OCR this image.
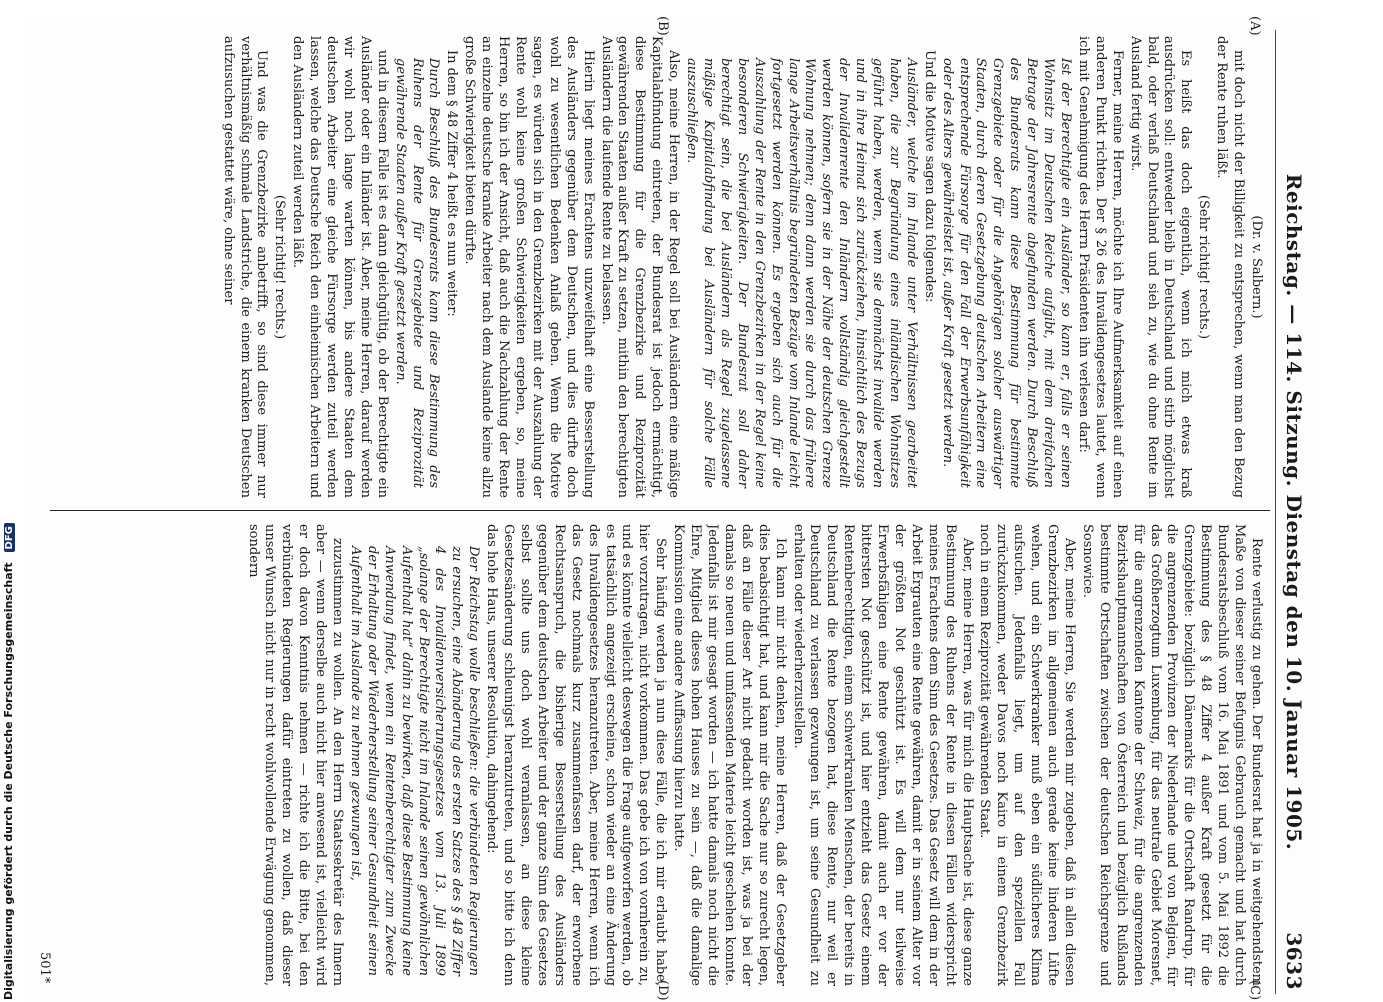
Reichstag. — 114. Sitzung. Dienstag den 10. Januar 1905.
3633

(Dr. v. Salbern.)

mit doch nicht der Billigkeit zu entsprechen, wenn man den Bezug der Rente ruhen läßt.

(Sehr richtig! rechts.)

Es heißt das doch eigentlich, wenn ich mich etwas kraß ausdrücken soll: entweder bleib in Deutschland und stirb möglichst bald, oder verlaß Deutschland und sieh zu, wie du ohne Rente im Ausland fertig wirst.

Ferner, meine Herren, möchte ich Ihre Aufmerksamkeit auf einen anderen Punkt richten. Der § 26 des Invalidengesetzes lautet, wenn ich mit Genehmigung des Herrn Präsidenten ihn verlesen darf:

Ist der Berechtigte ein Ausländer, so kann er, falls er seinen Wohnsitz im Deutschen Reiche aufgibt, mit dem dreifachen Betrage der Jahresrente abgefunden werden. Durch Beschluß des Bundesrats kann diese Bestimmung für bestimmte Grenzgebiete oder für die Angehörigen solcher auswärtiger Staaten, durch deren Gesetzgebung deutschen Arbeitern eine entsprechende Fürsorge für den Fall der Erwerbsunfähigkeit oder des Alters gewährleistet ist, außer Kraft gesetzt werden.

Und die Motive sagen dazu folgendes:

Ausländer, welche im Inlande unter Verhältnissen gearbeitet haben, die zur Begründung eines inländischen Wohnsitzes geführt haben, werden, wenn sie demnächst invalide werden und in ihre Heimat sich zurückziehen, hinsichtlich des Bezugs der Invalidenrente den Inländern vollständig gleichgestellt werden können, sofern sie in der Nähe der deutschen Grenze Wohnung nehmen; denn dann werden sie durch das frühere lange Arbeitsverhältnis begründeten Bezüge vom Inlande leicht fortgesetzt werden können. Es ergeben sich auch für die Auszahlung der Rente in den Grenzbezirken in der Regel keine besonderen Schwierigkeiten. Der Bundesrat soll daher berechtigt sein, die bei Ausländern als Regel zugelassene mäßige Kapitalabfindung bei Ausländern für solche Fälle auszuschließen.

Also, meine Herren, in der Regel soll bei Ausländern eine mäßige Kapitalabfindung eintreten, der Bundesrat ist jedoch ermächtigt, diese Bestimmung für die Grenzbezirke und Reziprozität gewährenden Staaten außer Kraft zu setzen, mithin den berechtigten Ausländern die laufende Rente zu belassen.

Hierin liegt meines Erachtens unzweifelhaft eine Besserstellung des Ausländers gegenüber dem Deutschen, und dies dürfte doch wohl zu wesentlichen Bedenken Anlaß geben. Wenn die Motive sagen, es würden sich in den Grenzbezirken mit der Auszahlung der Rente wohl keine großen Schwierigkeiten ergeben, so, meine Herren, so bin ich der Ansicht, daß auch die Nachzahlung der Rente an einzelne deutsche kranke Arbeiter nach dem Auslande keine allzu große Schwierigkeit bieten dürfte.

In dem § 48 Ziffer 4 heißt es nun weiter:

Durch Beschluß des Bundesrats kann diese Bestimmung des Ruhens der Rente für Grenzgebiete und Reziprozität gewährende Staaten außer Kraft gesetzt werden.

und in diesem Falle ist es dann gleichgültig, ob der Berechtigte ein Ausländer oder ein Inländer ist. Aber, meine Herren, darauf werden wir wohl noch lange warten können, bis andere Staaten dem deutschen Arbeiter eine gleiche Fürsorge werden zuteil werden lassen, welche das Deutsche Reich den einheimischen Arbeitern und den Ausländern zuteil werden läßt.

(Sehr richtig! rechts.)

Und was die Grenzbezirke anbetrifft, so sind diese immer nur verhältnismäßig schmale Landstriche, die einem kranken Deutschen aufzusuchen gestattet wäre, ohne seiner

Rente verlustig zu gehen. Der Bundesrat hat ja in weitgehendstem Maße von dieser seiner Befugnis Gebrauch gemacht und hat durch Bundesratsbeschluß vom 16. Mai 1891 und vom 5. Mai 1892 die Bestimmung des § 48 Ziffer 4 außer Kraft gesetzt für die Grenzgebiete: bezüglich Dänemarks für die Ortschaft Randrup, für die angrenzenden Provinzen der Niederlande und von Belgien, für das Großherzogtum Luxemburg, für das neutrale Gebiet Moresnet, für die angrenzenden Kantone der Schweiz, für die angrenzenden Bezirkshauptmannschaften von Österreich und bezüglich Rußlands bestimmte Ortschaften zwischen der deutschen Reichsgrenze und Sosnowice.

Aber, meine Herren, Sie werden mir zugeben, daß in allen diesen Grenzbezirken im allgemeinen auch gerade keine linderen Lüfte wehen, und ein Schwerkranker muß eben ein südlicheres Klima aufsuchen. Jedenfalls liegt, um auf den speziellen Fall zurückzukommen, weder Davos noch Kairo in einem Grenzbezirk noch in einem Reziprozität gewährenden Staat.

Aber, meine Herren, was für mich die Hauptsache ist, diese ganze Bestimmung des Ruhens der Rente in diesen Fällen widerspricht meines Erachtens dem Sinn des Gesetzes. Das Gesetz will dem in der Arbeit Ergrauten eine Rente gewähren, damit er in seinem Alter vor der größten Not geschützt ist. Es will dem nur teilweise Erwerbsfähigen eine Rente gewähren, damit auch er vor der bittersten Not geschützt ist, und hier entzieht das Gesetz einem Rentenberechtigten, einem schwerkranken Menschen, der bereits in Deutschland die Rente bezogen hat, diese Rente, nur weil er Deutschland zu verlassen gezwungen ist, um seine Gesundheit zu erhalten oder wiederherzustellen.

Ich kann mir nicht denken, meine Herren, daß der Gesetzgeber dies beabsichtigt hat, und kann mir die Sache nur so zurecht legen, daß an Fälle dieser Art nicht gedacht worden ist, was ja bei der damals so neuen und umfassenden Materie leicht geschehen konnte. Jedenfalls ist mir gesagt worden — ich hatte damals noch nicht die Ehre, Mitglied dieses hohen Hauses zu sein —, daß die damalige Kommission eine andere Auffassung hierzu hatte.

Sehr häufig werden ja nun diese Fälle, die ich mir erlaubt habe, hier vorzutragen, nicht vorkommen. Das gebe ich von vornherein zu, und es könnte vielleicht deswegen die Frage aufgeworfen werden, ob es tatsächlich angezeigt erscheine, schon wieder an eine Änderung des Invalidengesetzes heranzutreten. Aber, meine Herren, wenn ich das Gesetz nochmals kurz zusammenfassen darf, der erworbene Rechtsanspruch, die bisherige Besserstellung des Ausländers gegenüber dem deutschen Arbeiter und der ganze Sinn des Gesetzes selbst sollte uns doch wohl veranlassen, an diese kleine Gesetzesänderung schleunigst heranzutreten, und so bitte ich denn das hohe Haus, unserer Resolution, dahingehend:

Der Reichstag wolle beschließen: die verbündeten Regierungen zu ersuchen, eine Abänderung des ersten Satzes des § 48 Ziffer 4 des Invalidenversicherungsgesetzes vom 13. Juli 1899 „solange der Berechtigte nicht im Inlande seinen gewöhnlichen Aufenthalt hat“ dahin zu bewirken, daß diese Bestimmung keine Anwendung findet, wenn ein Rentenberechtigter zum Zwecke der Erhaltung oder Wiederherstellung seiner Gesundheit seinen Aufenthalt im Auslande zu nehmen gezwungen ist,

zuzustimmen zu wollen. An den Herrn Staatssekretär des Innern aber — wenn derselbe auch nicht hier anwesend ist, vielleicht wird er doch davon Kenntnis nehmen — richte ich die Bitte, bei den verbündeten Regierungen dafür eintreten zu wollen, daß dieser unser Wunsch nicht nur in recht wohlwollende Erwägung genommen, sondern

(A)
(B)
(C)
(D)
501*
Digitalisierung gefördert durch die Deutsche Forschungsgemeinschaft DFG
